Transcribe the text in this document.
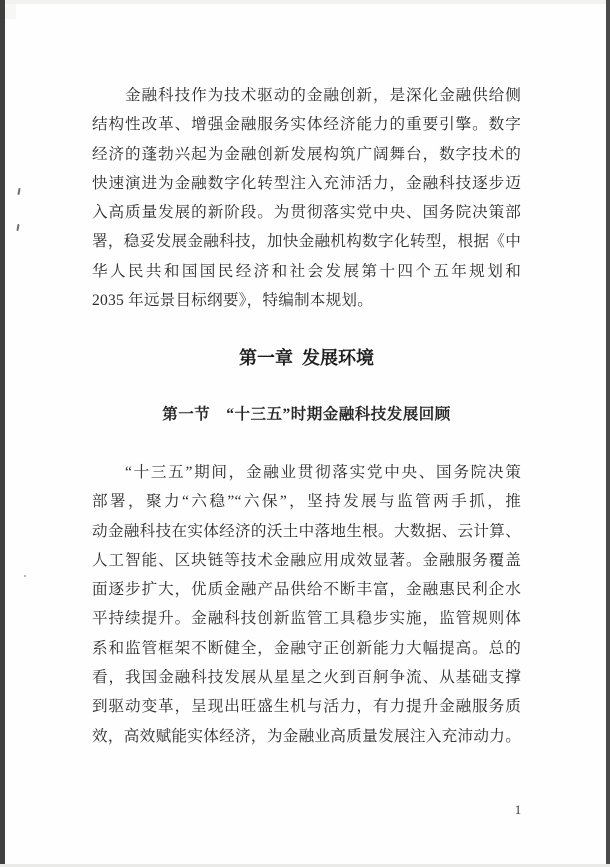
金融科技作为技术驱动的金融创新，是深化金融供给侧
结构性改革、增强金融服务实体经济能力的重要引擎。数字
经济的蓬勃兴起为金融创新发展构筑广阔舞台，数字技术的
快速演进为金融数字化转型注入充沛活力，金融科技逐步迈
入高质量发展的新阶段。为贯彻落实党中央、国务院决策部
署，稳妥发展金融科技，加快金融机构数字化转型，根据《中
华人民共和国国民经济和社会发展第十四个五年规划和
2035 年远景目标纲要》，特编制本规划。
第一章 发展环境
第一节　“十三五”时期金融科技发展回顾
“十三五”期间，金融业贯彻落实党中央、国务院决策
部署，聚力“六稳”“六保”，坚持发展与监管两手抓，推
动金融科技在实体经济的沃土中落地生根。大数据、云计算、
人工智能、区块链等技术金融应用成效显著。金融服务覆盖
面逐步扩大，优质金融产品供给不断丰富，金融惠民利企水
平持续提升。金融科技创新监管工具稳步实施，监管规则体
系和监管框架不断健全，金融守正创新能力大幅提高。总的
看，我国金融科技发展从星星之火到百舸争流、从基础支撑
到驱动变革，呈现出旺盛生机与活力，有力提升金融服务质
效，高效赋能实体经济，为金融业高质量发展注入充沛动力。
1
